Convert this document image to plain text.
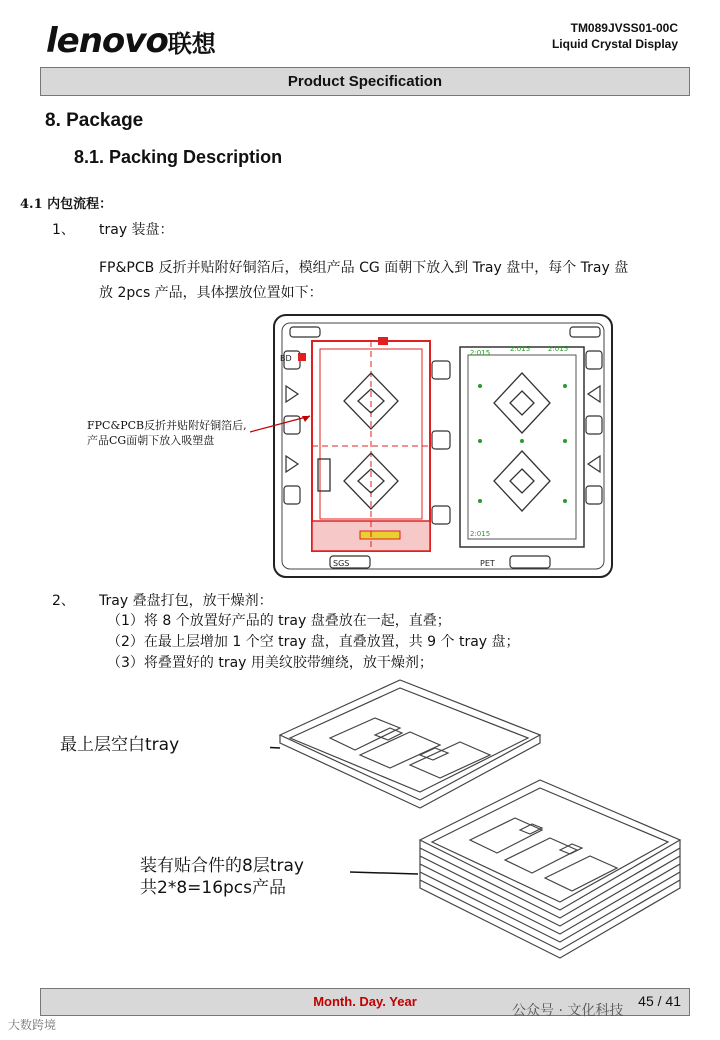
lenovo联想
TM089JVSS01-00C
Liquid Crystal Display
Product Specification
8. Package
8.1. Packing Description
4.1 内包流程：
1、 tray 装盘：
FP&PCB 反折并贴附好铜箔后，模组产品 CG 面朝下放入到 Tray 盘中，每个 Tray 盘
放 2pcs 产品，具体摆放位置如下：
2:015	2:015
2:015
2:015
BD
SGS	PET
FPC&PCB反折并贴附好铜箔后,
产品CG面朝下放入吸塑盘
2、 Tray 叠盘打包，放干燥剂：
（1）将 8 个放置好产品的 tray 盘叠放在一起，直叠；
（2）在最上层增加 1 个空 tray 盘，直叠放置，共 9 个 tray 盘；
（3）将叠置好的 tray 用美纹胶带缠绕，放干燥剂；
最上层空白tray
装有贴合件的8层tray
共2*8=16pcs产品
Month. Day. Year	45 / 41
大数跨境
公众号 · 文化科技
